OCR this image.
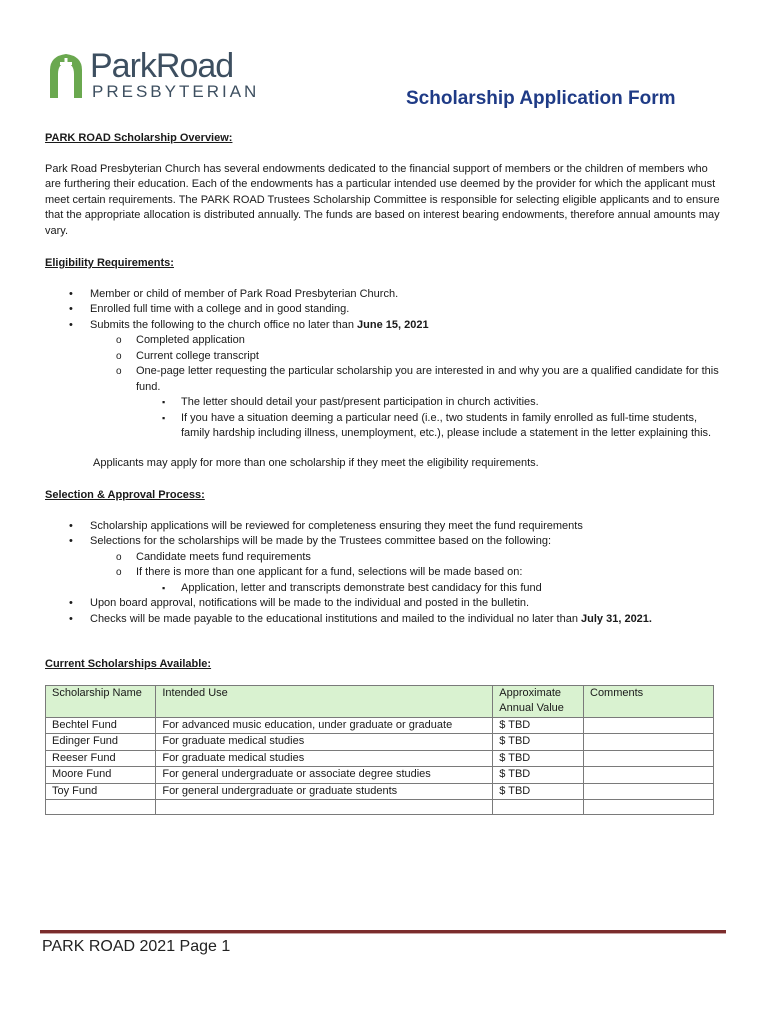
ParkRoad
PRESBYTERIAN	Scholarship Application Form

PARK ROAD Scholarship Overview:

Park Road Presbyterian Church has several endowments dedicated to the financial support of members or the children of members who are furthering their education. Each of the endowments has a particular intended use deemed by the provider for which the applicant must meet certain requirements. The PARK ROAD Trustees Scholarship Committee is responsible for selecting eligible applicants and to ensure that the appropriate allocation is distributed annually. The funds are based on interest bearing endowments, therefore annual amounts may vary.

Eligibility Requirements:

• Member or child of member of Park Road Presbyterian Church.
• Enrolled full time with a college and in good standing.
• Submits the following to the church office no later than June 15, 2021
o Completed application
o Current college transcript
o One-page letter requesting the particular scholarship you are interested in and why you are a qualified candidate for this fund.
▪ The letter should detail your past/present participation in church activities.
▪ If you have a situation deeming a particular need (i.e., two students in family enrolled as full-time students, family hardship including illness, unemployment, etc.), please include a statement in the letter explaining this.

Applicants may apply for more than one scholarship if they meet the eligibility requirements.

Selection & Approval Process:

• Scholarship applications will be reviewed for completeness ensuring they meet the fund requirements
• Selections for the scholarships will be made by the Trustees committee based on the following:
o Candidate meets fund requirements
o If there is more than one applicant for a fund, selections will be made based on:
▪ Application, letter and transcripts demonstrate best candidacy for this fund
• Upon board approval, notifications will be made to the individual and posted in the bulletin.
• Checks will be made payable to the educational institutions and mailed to the individual no later than July 31, 2021.

Current Scholarships Available:

Scholarship Name	Intended Use	Approximate Annual Value	Comments
Bechtel Fund	For advanced music education, under graduate or graduate	$ TBD	
Edinger Fund	For graduate medical studies	$ TBD	
Reeser Fund	For graduate medical studies	$ TBD	
Moore Fund	For general undergraduate or associate degree studies	$ TBD	
Toy Fund	For general undergraduate or graduate students	$ TBD	

PARK ROAD 2021 Page 1
